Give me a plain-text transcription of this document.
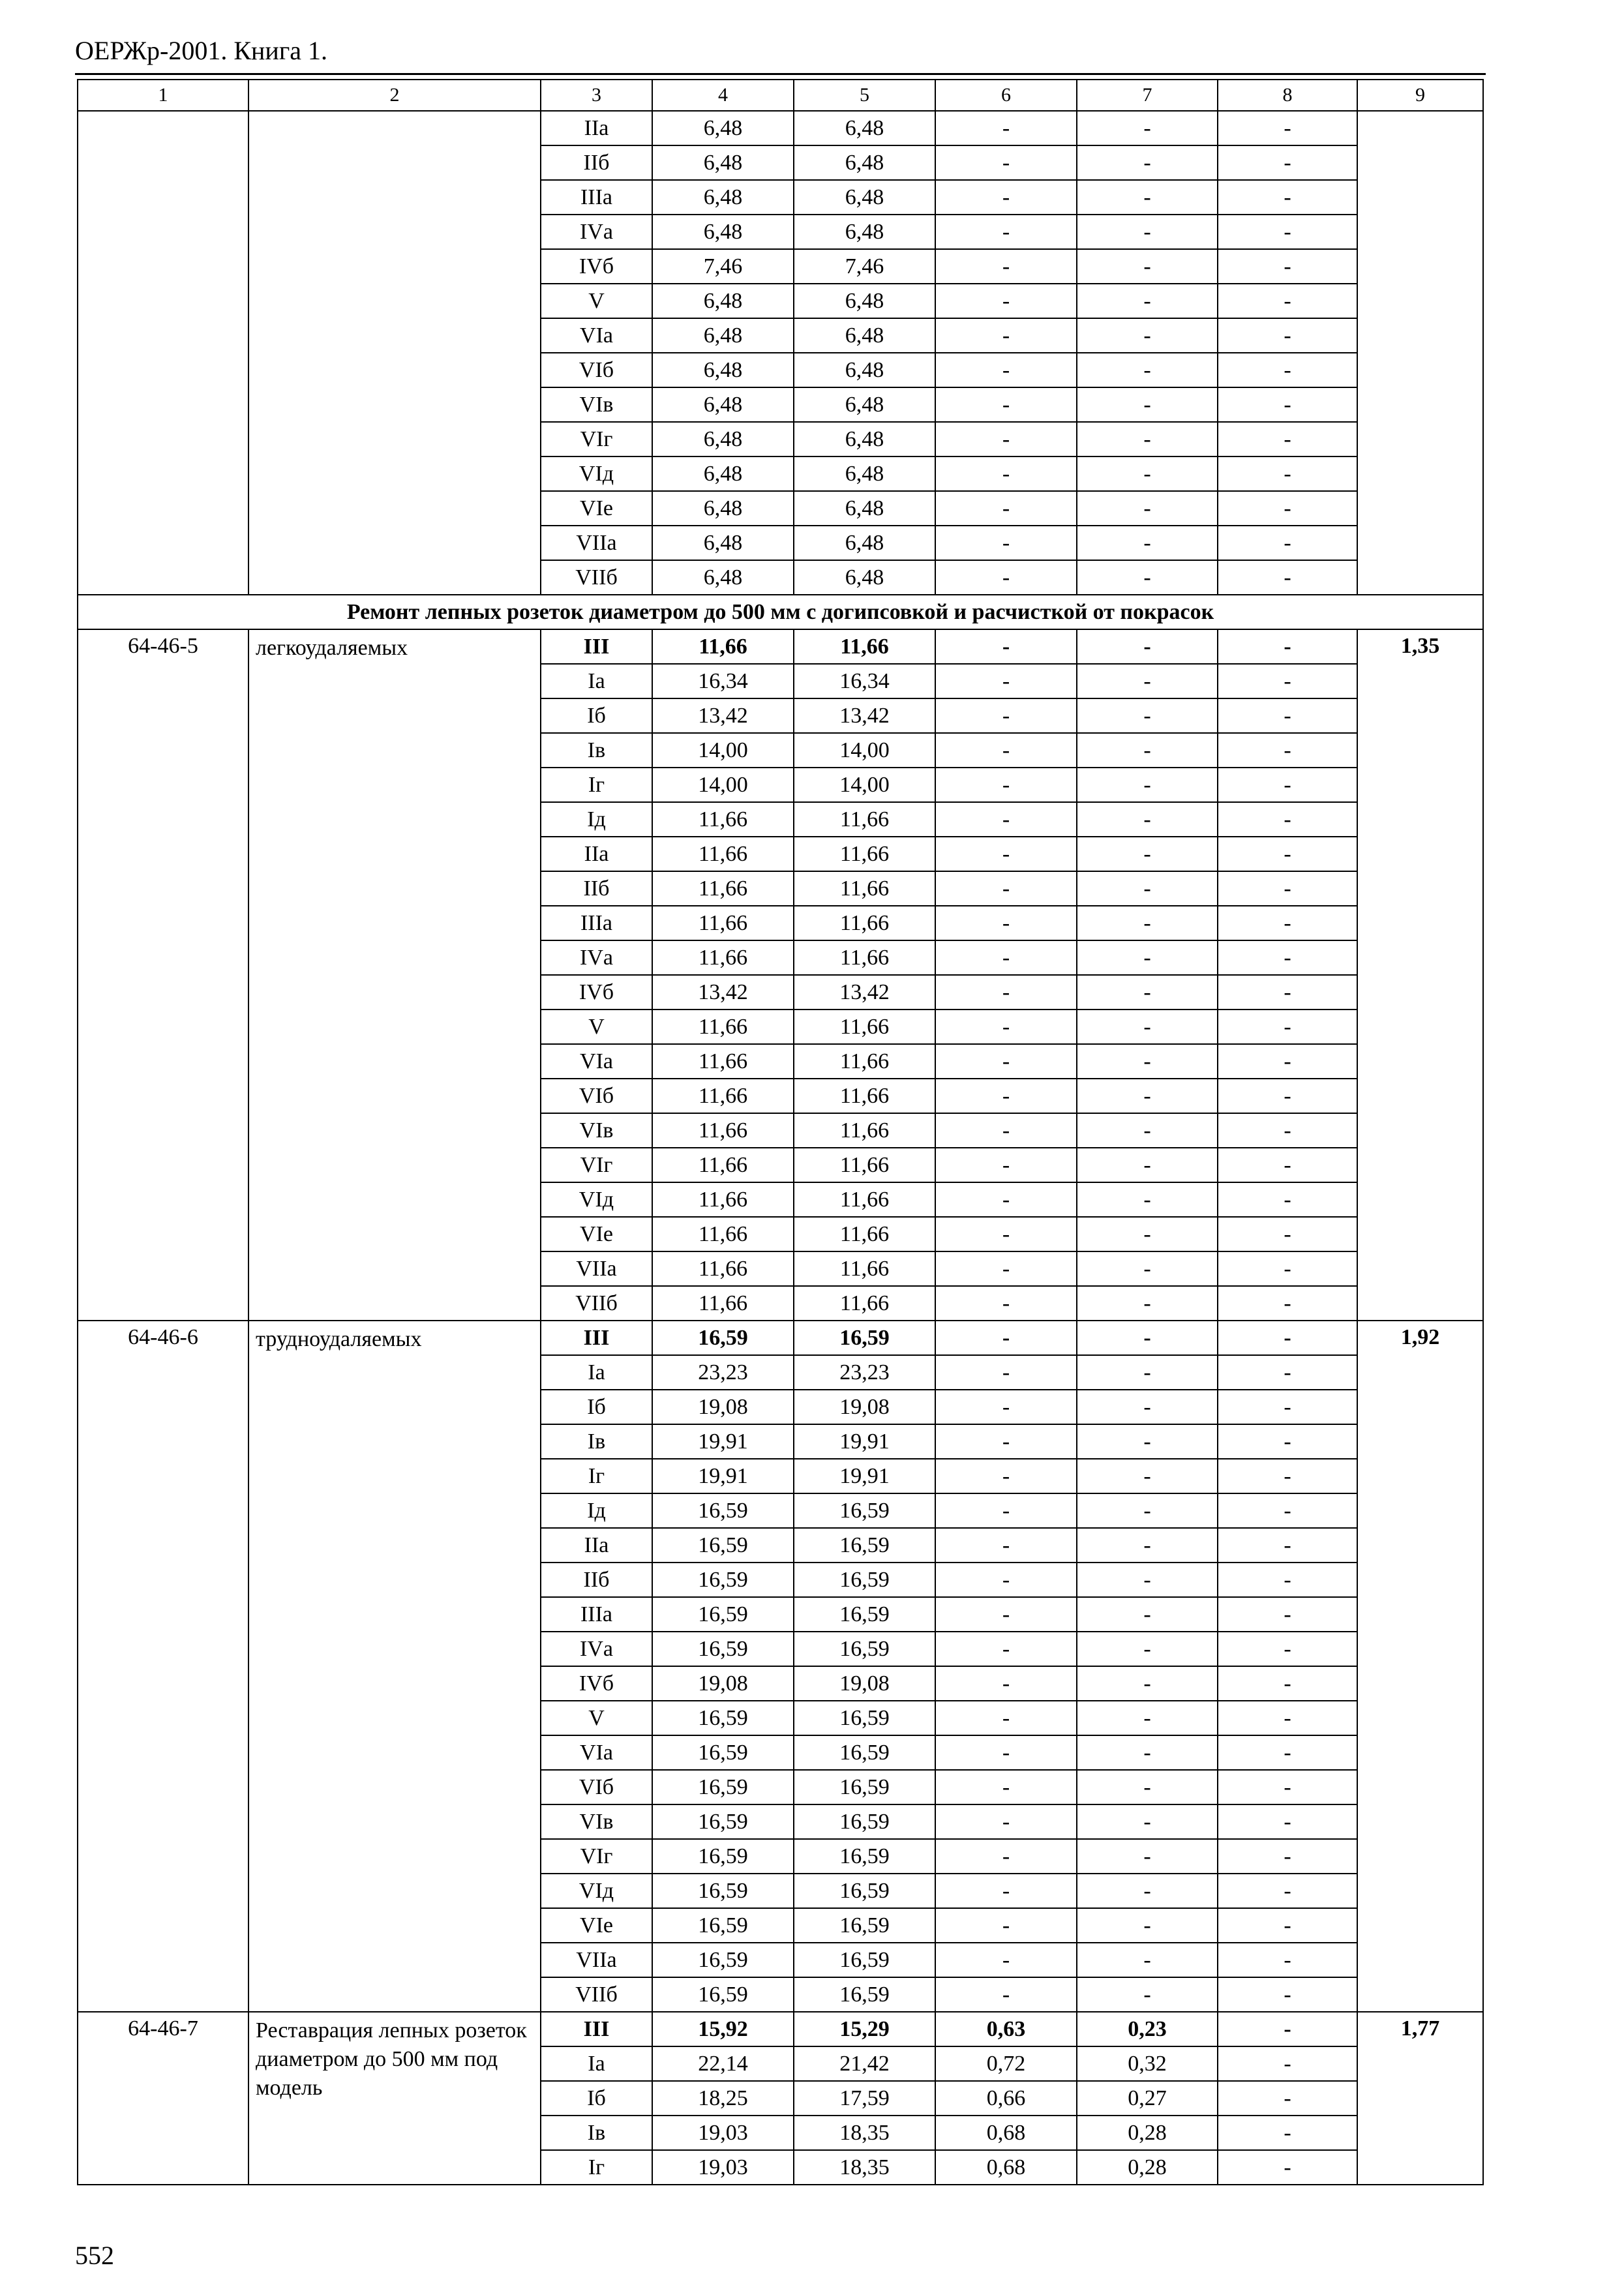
ОЕРЖр-2001. Книга 1.
1	2	3	4	5	6	7	8	9
		IIа	6,48	6,48	-	-	-	
		IIб	6,48	6,48	-	-	-	
		IIIа	6,48	6,48	-	-	-	
		IVа	6,48	6,48	-	-	-	
		IVб	7,46	7,46	-	-	-	
		V	6,48	6,48	-	-	-	
		VIа	6,48	6,48	-	-	-	
		VIб	6,48	6,48	-	-	-	
		VIв	6,48	6,48	-	-	-	
		VIг	6,48	6,48	-	-	-	
		VIд	6,48	6,48	-	-	-	
		VIе	6,48	6,48	-	-	-	
		VIIа	6,48	6,48	-	-	-	
		VIIб	6,48	6,48	-	-	-	
Ремонт лепных розеток диаметром до 500 мм с догипсовкой и расчисткой от покрасок								
64-46-5	легкоудаляемых	III	11,66	11,66	-	-	-	1,35
		Iа	16,34	16,34	-	-	-	
		Iб	13,42	13,42	-	-	-	
		Iв	14,00	14,00	-	-	-	
		Iг	14,00	14,00	-	-	-	
		Iд	11,66	11,66	-	-	-	
		IIа	11,66	11,66	-	-	-	
		IIб	11,66	11,66	-	-	-	
		IIIа	11,66	11,66	-	-	-	
		IVа	11,66	11,66	-	-	-	
		IVб	13,42	13,42	-	-	-	
		V	11,66	11,66	-	-	-	
		VIа	11,66	11,66	-	-	-	
		VIб	11,66	11,66	-	-	-	
		VIв	11,66	11,66	-	-	-	
		VIг	11,66	11,66	-	-	-	
		VIд	11,66	11,66	-	-	-	
		VIе	11,66	11,66	-	-	-	
		VIIа	11,66	11,66	-	-	-	
		VIIб	11,66	11,66	-	-	-	
64-46-6	трудноудаляемых	III	16,59	16,59	-	-	-	1,92
		Iа	23,23	23,23	-	-	-	
		Iб	19,08	19,08	-	-	-	
		Iв	19,91	19,91	-	-	-	
		Iг	19,91	19,91	-	-	-	
		Iд	16,59	16,59	-	-	-	
		IIа	16,59	16,59	-	-	-	
		IIб	16,59	16,59	-	-	-	
		IIIа	16,59	16,59	-	-	-	
		IVа	16,59	16,59	-	-	-	
		IVб	19,08	19,08	-	-	-	
		V	16,59	16,59	-	-	-	
		VIа	16,59	16,59	-	-	-	
		VIб	16,59	16,59	-	-	-	
		VIв	16,59	16,59	-	-	-	
		VIг	16,59	16,59	-	-	-	
		VIд	16,59	16,59	-	-	-	
		VIе	16,59	16,59	-	-	-	
		VIIа	16,59	16,59	-	-	-	
		VIIб	16,59	16,59	-	-	-	
64-46-7	Реставрация лепных розеток диаметром до 500 мм под модель	III	15,92	15,29	0,63	0,23	-	1,77
		Iа	22,14	21,42	0,72	0,32	-	
		Iб	18,25	17,59	0,66	0,27	-	
		Iв	19,03	18,35	0,68	0,28	-	
		Iг	19,03	18,35	0,68	0,28	-	
552
